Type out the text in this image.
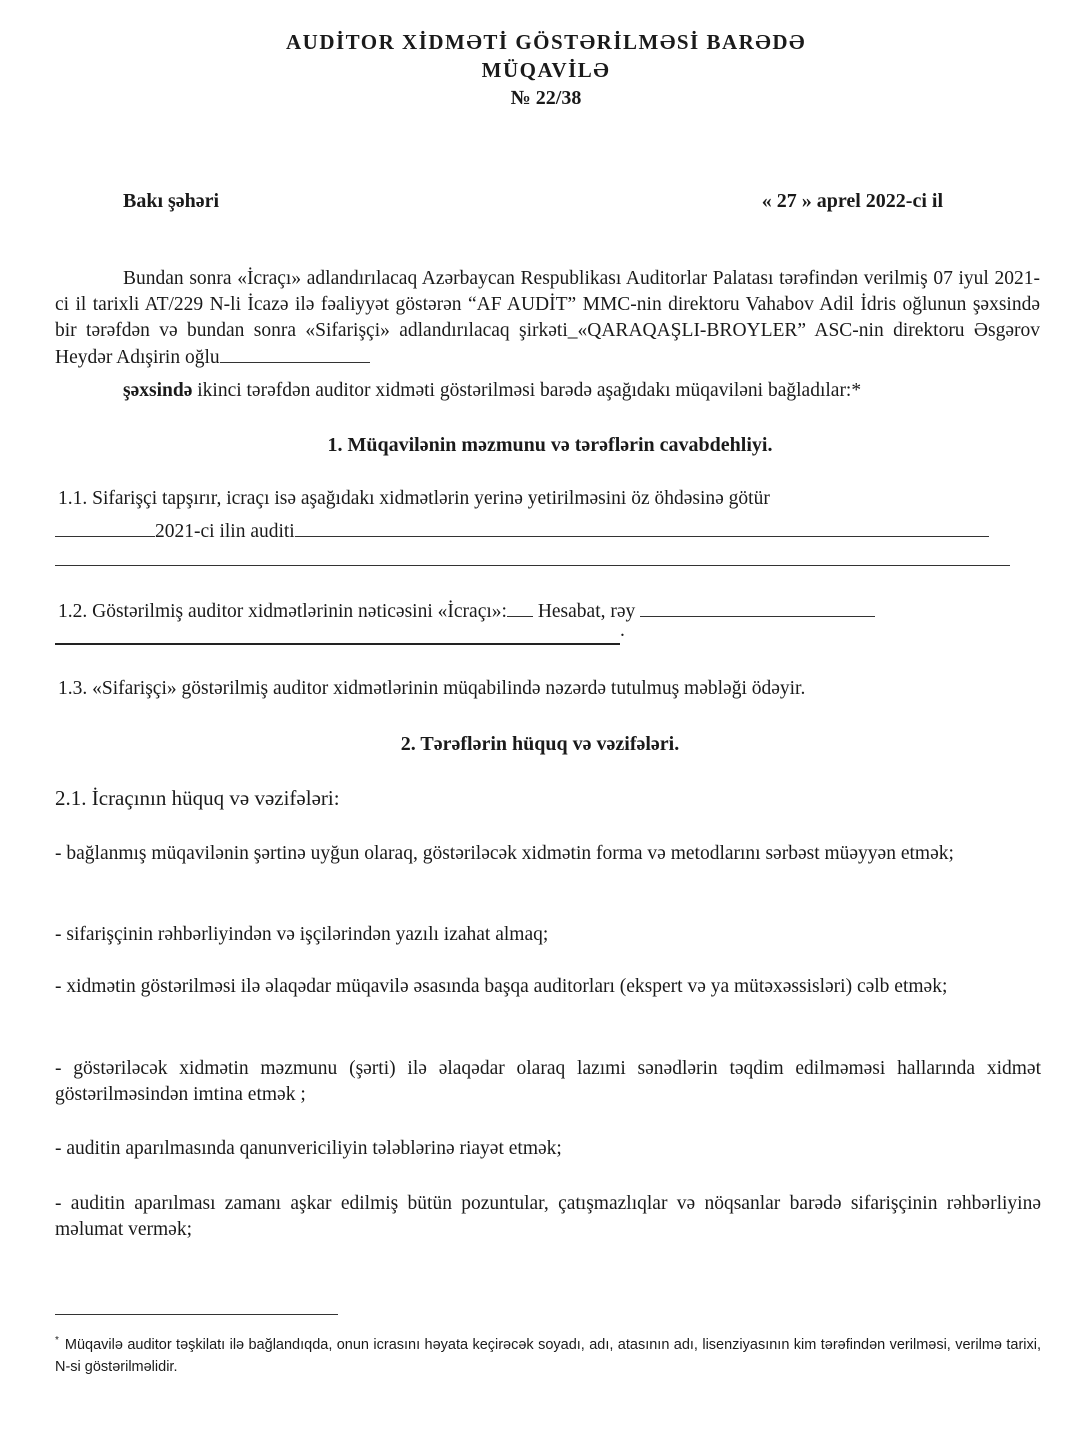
AUDİTOR XİDMƏTİ GÖSTƏRİLMƏSİ BARƏDƏ
MÜQAVİLƏ
№ 22/38
Bakı şəhəri	« 27 » aprel 2022-ci il
Bundan sonra «İcraçı» adlandırılacaq Azərbaycan Respublikası Auditorlar Palatası tərəfindən verilmiş 07 iyul 2021-ci il tarixli AT/229 N-li İcazə ilə fəaliyyət göstərən “AF AUDİT” MMC-nin direktoru Vahabov Adil İdris oğlunun şəxsində bir tərəfdən və bundan sonra «Sifarişçi» adlandırılacaq şirkəti_«QARAQAŞLI-BROYLER” ASC-nin direktoru Əsgərov Heydər Adışirin oğlu
şəxsində ikinci tərəfdən auditor xidməti göstərilməsi barədə aşağıdakı müqaviləni bağladılar:*
1. Müqavilənin məzmunu və tərəflərin cavabdehliyi.
1.1. Sifarişçi tapşırır, icraçı isə aşağıdakı xidmətlərin yerinə yetirilməsini öz öhdəsinə götür
2021-ci ilin auditi
1.2. Göstərilmiş auditor xidmətlərinin nəticəsini «İcraçı»: Hesabat, rəy
.
1.3. «Sifarişçi» göstərilmiş auditor xidmətlərinin müqabilində nəzərdə tutulmuş məbləği ödəyir.
2. Tərəflərin hüquq və vəzifələri.
2.1. İcraçının hüquq və vəzifələri:
- bağlanmış müqavilənin şərtinə uyğun olaraq, göstəriləcək xidmətin forma və metodlarını sərbəst müəyyən etmək;
- sifarişçinin rəhbərliyindən və işçilərindən yazılı izahat almaq;
- xidmətin göstərilməsi ilə əlaqədar müqavilə əsasında başqa auditorları (ekspert və ya mütəxəssisləri) cəlb etmək;
- göstəriləcək xidmətin məzmunu (şərti) ilə əlaqədar olaraq lazımi sənədlərin təqdim edilməməsi hallarında xidmət göstərilməsindən imtina etmək ;
- auditin aparılmasında qanunvericiliyin tələblərinə riayət etmək;
- auditin aparılması zamanı aşkar edilmiş bütün pozuntular, çatışmazlıqlar və nöqsanlar barədə sifarişçinin rəhbərliyinə məlumat vermək;
* Müqavilə auditor təşkilatı ilə bağlandıqda, onun icrasını həyata keçirəcək soyadı, adı, atasının adı, lisenziyasının kim tərəfindən verilməsi, verilmə tarixi, N-si göstərilməlidir.
